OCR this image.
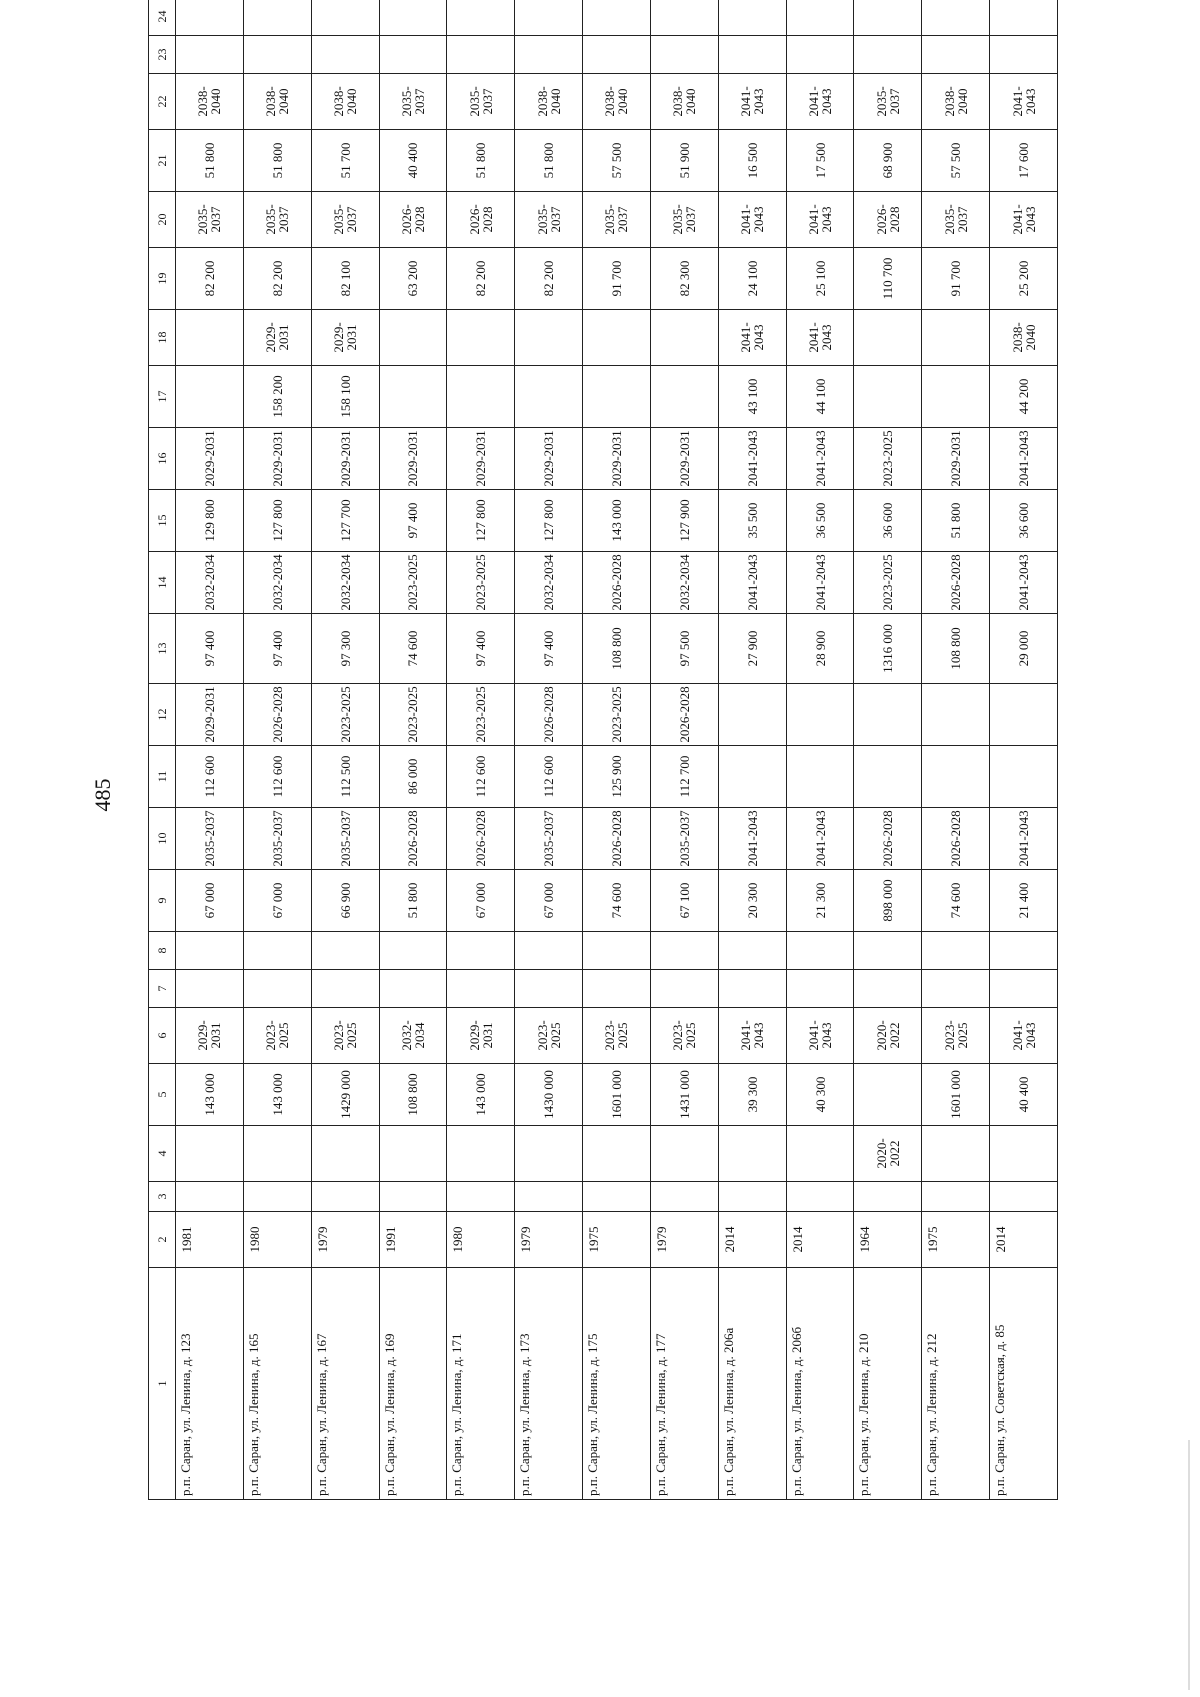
485
1	2	3	4	5	6	7	8	9	10	11	12	13	14	15	16	17	18	19	20	21	22	23	24
р.п. Саран, ул. Ленина, д. 123	1981			143 000	2029-2031			67 000	2035-2037	112 600	2029-2031	97 400	2032-2034	129 800	2029-2031			82 200	2035-2037	51 800	2038-2040		
р.п. Саран, ул. Ленина, д. 165	1980			143 000	2023-2025			67 000	2035-2037	112 600	2026-2028	97 400	2032-2034	127 800	2029-2031	158 200	2029-2031	82 200	2035-2037	51 800	2038-2040		
р.п. Саран, ул. Ленина, д. 167	1979			1429 000	2023-2025			66 900	2035-2037	112 500	2023-2025	97 300	2032-2034	127 700	2029-2031	158 100	2029-2031	82 100	2035-2037	51 700	2038-2040		
р.п. Саран, ул. Ленина, д. 169	1991			108 800	2032-2034			51 800	2026-2028	86 000	2023-2025	74 600	2023-2025	97 400	2029-2031			63 200	2026-2028	40 400	2035-2037		
р.п. Саран, ул. Ленина, д. 171	1980			143 000	2029-2031			67 000	2026-2028	112 600	2023-2025	97 400	2023-2025	127 800	2029-2031			82 200	2026-2028	51 800	2035-2037		
р.п. Саран, ул. Ленина, д. 173	1979			1430 000	2023-2025			67 000	2035-2037	112 600	2026-2028	97 400	2032-2034	127 800	2029-2031			82 200	2035-2037	51 800	2038-2040		
р.п. Саран, ул. Ленина, д. 175	1975			1601 000	2023-2025			74 600	2026-2028	125 900	2023-2025	108 800	2026-2028	143 000	2029-2031			91 700	2035-2037	57 500	2038-2040		
р.п. Саран, ул. Ленина, д. 177	1979			1431 000	2023-2025			67 100	2035-2037	112 700	2026-2028	97 500	2032-2034	127 900	2029-2031			82 300	2035-2037	51 900	2038-2040		
р.п. Саран, ул. Ленина, д. 206а	2014			39 300	2041-2043			20 300	2041-2043			27 900	2041-2043	35 500	2041-2043	43 100	2041-2043	24 100	2041-2043	16 500	2041-2043		
р.п. Саран, ул. Ленина, д. 206б	2014			40 300	2041-2043			21 300	2041-2043			28 900	2041-2043	36 500	2041-2043	44 100	2041-2043	25 100	2041-2043	17 500	2041-2043		
р.п. Саран, ул. Ленина, д. 210	1964		2020-2022		2020-2022			898 000	2026-2028			1316 000	2023-2025	36 600	2023-2025			110 700	2026-2028	68 900	2035-2037		
р.п. Саран, ул. Ленина, д. 212	1975			1601 000	2023-2025			74 600	2026-2028			108 800	2026-2028	51 800	2029-2031			91 700	2035-2037	57 500	2038-2040		
р.п. Саран, ул. Советская, д. 85	2014			40 400	2041-2043			21 400	2041-2043			29 000	2041-2043	36 600	2041-2043	44 200	2038-2040	25 200	2041-2043	17 600	2041-2043		
